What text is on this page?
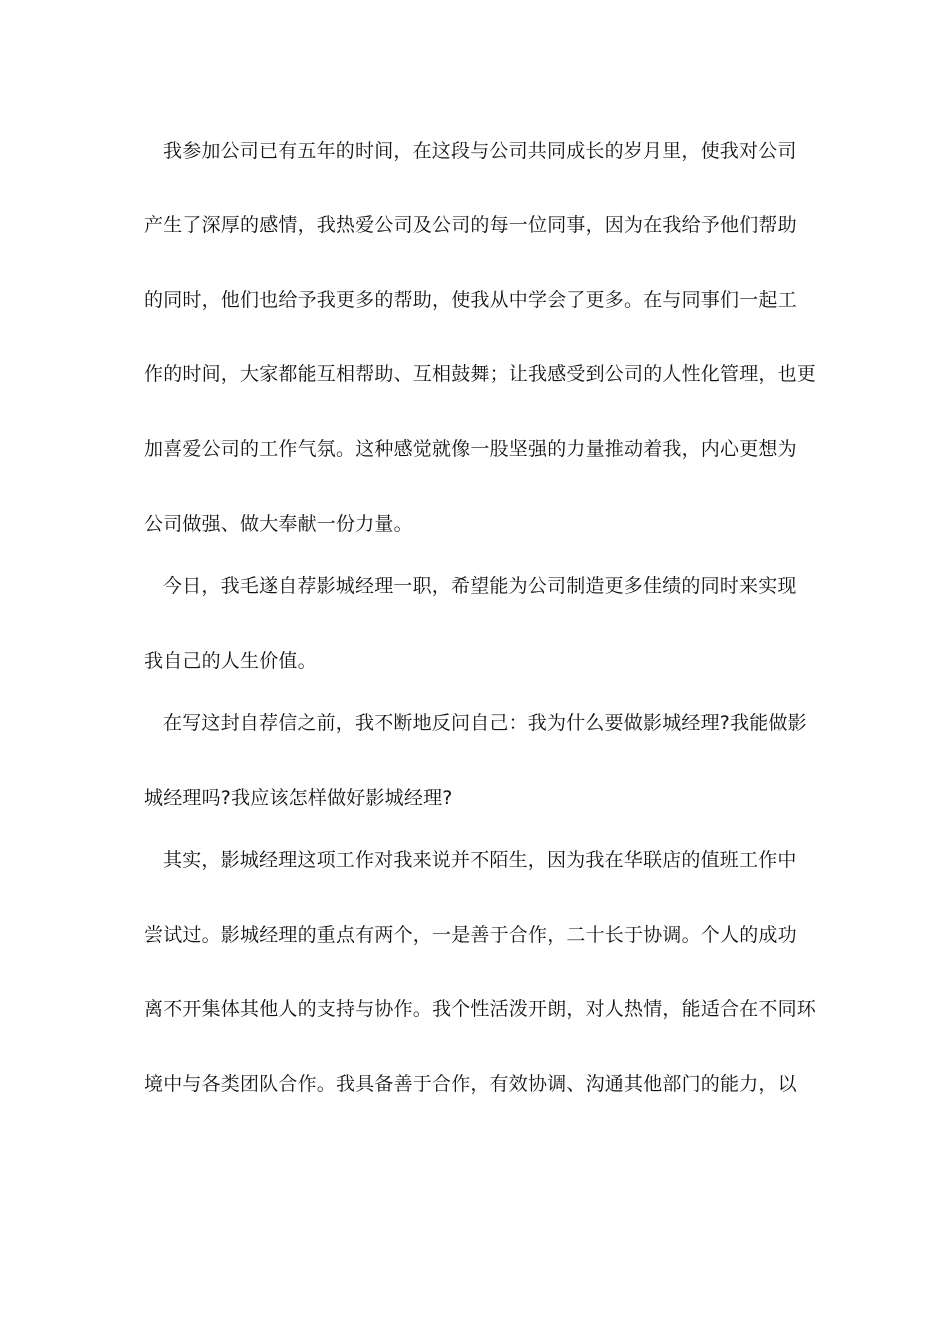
我参加公司已有五年的时间，在这段与公司共同成长的岁月里，使我对公司
产生了深厚的感情，我热爱公司及公司的每一位同事，因为在我给予他们帮助
的同时，他们也给予我更多的帮助，使我从中学会了更多。在与同事们一起工
作的时间，大家都能互相帮助、互相鼓舞；让我感受到公司的人性化管理，也更
加喜爱公司的工作气氛。这种感觉就像一股坚强的力量推动着我，内心更想为
公司做强、做大奉献一份力量。
今日，我毛遂自荐影城经理一职，希望能为公司制造更多佳绩的同时来实现
我自己的人生价值。
在写这封自荐信之前，我不断地反问自己：我为什么要做影城经理?我能做影
城经理吗?我应该怎样做好影城经理?
其实，影城经理这项工作对我来说并不陌生，因为我在华联店的值班工作中
尝试过。影城经理的重点有两个，一是善于合作，二十长于协调。个人的成功
离不开集体其他人的支持与协作。我个性活泼开朗，对人热情，能适合在不同环
境中与各类团队合作。我具备善于合作，有效协调、沟通其他部门的能力，以
